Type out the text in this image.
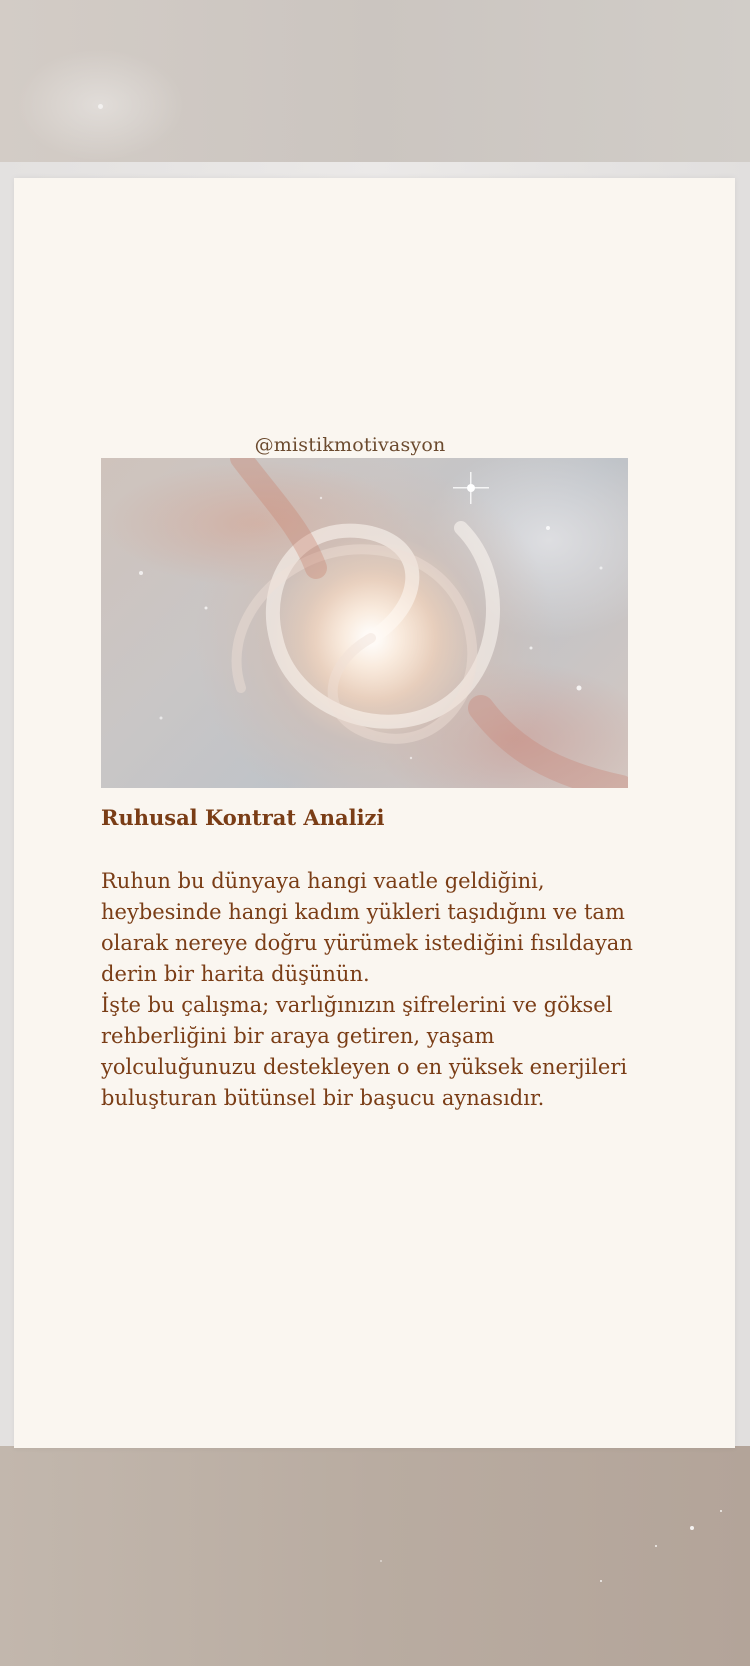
@mistikmotivasyon
Ruhusal Kontrat Analizi

Ruhun bu dünyaya hangi vaatle geldiğini, heybesinde hangi kadım yükleri taşıdığını ve tam olarak nereye doğru yürümek istediğini fısıldayan derin bir harita düşünün.

İşte bu çalışma; varlığınızın şifrelerini ve göksel rehberliğini bir araya getiren, yaşam yolculuğunuzu destekleyen o en yüksek enerjileri buluşturan bütünsel bir başucu aynasıdır.
